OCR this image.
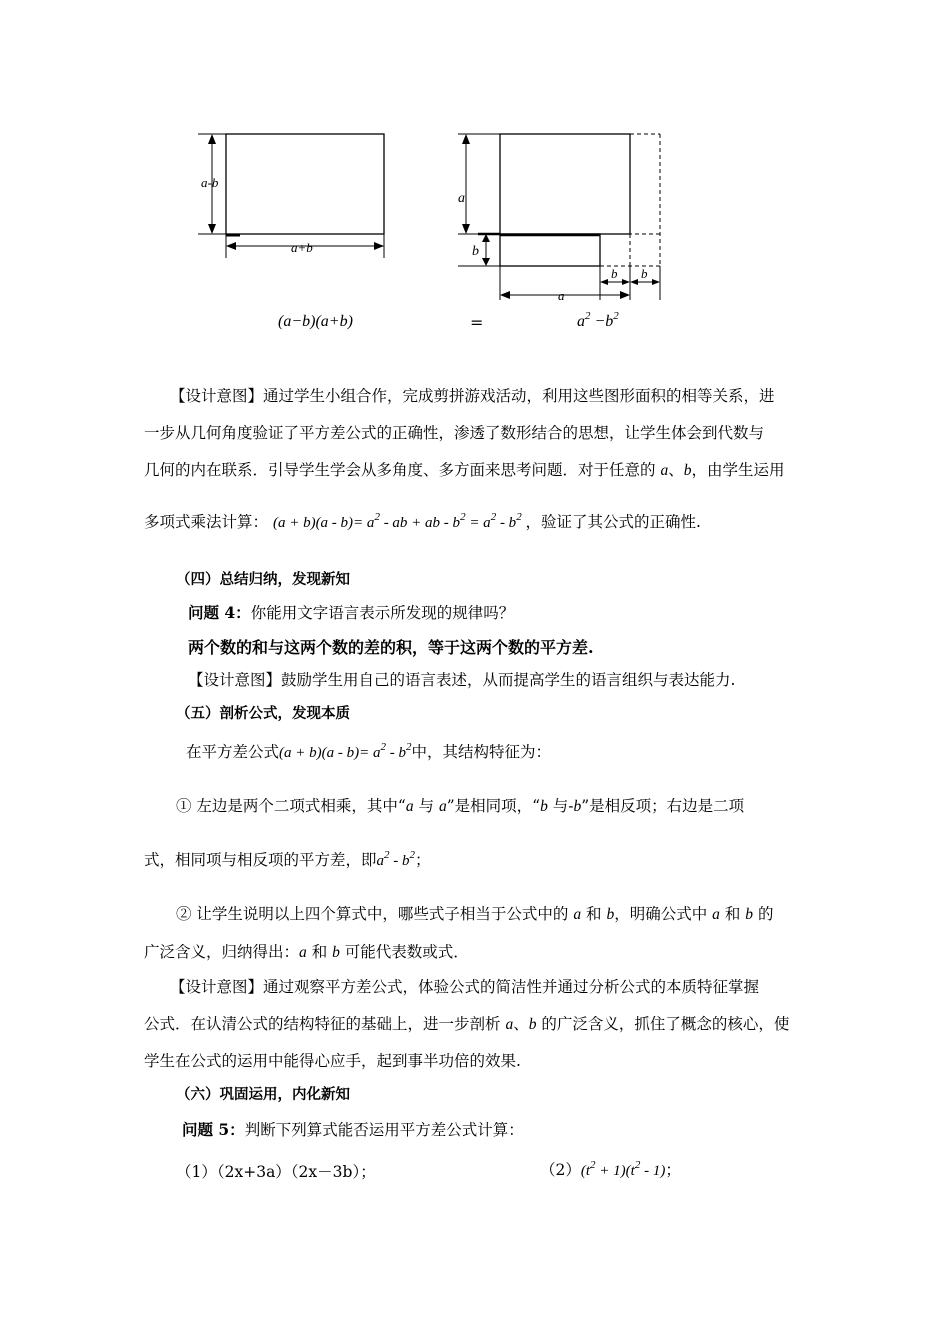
a-b
a+b
a
b
b b
a
(a−b)(a+b)	=	$a^2 -b^2$
【设计意图】通过学生小组合作，完成剪拼游戏活动，利用这些图形面积的相等关系，进
一步从几何角度验证了平方差公式的正确性，渗透了数形结合的思想，让学生体会到代数与
几何的内在联系．引导学生学会从多角度、多方面来思考问题．对于任意的 a、b，由学生运用
多项式乘法计算： $(a + b)(a - b)= a^2$ - ab + ab - $b^2 = a^2 - b^2$ ，验证了其公式的正确性.
（四）总结归纳，发现新知
问题 4：你能用文字语言表示所发现的规律吗？
两个数的和与这两个数的差的积，等于这两个数的平方差.
【设计意图】鼓励学生用自己的语言表述，从而提高学生的语言组织与表达能力.
（五）剖析公式，发现本质
在平方差公式$(a + b)(a - b)= a^2 - b^2$中，其结构特征为：
① 左边是两个二项式相乘，其中“a 与 a”是相同项，“b 与-b”是相反项；右边是二项
式，相同项与相反项的平方差，即$a^2 - b^2$；
② 让学生说明以上四个算式中，哪些式子相当于公式中的 a 和 b，明确公式中 a 和 b 的
广泛含义，归纳得出：a 和 b 可能代表数或式．
【设计意图】通过观察平方差公式，体验公式的简洁性并通过分析公式的本质特征掌握
公式．在认清公式的结构特征的基础上，进一步剖析 a、b 的广泛含义，抓住了概念的核心，使
学生在公式的运用中能得心应手，起到事半功倍的效果.
（六）巩固运用，内化新知
问题 5：判断下列算式能否运用平方差公式计算：
（1）（2x+3a）（2x－3b）；	$(2)(t^2 + 1)(t^2 - 1)$；
